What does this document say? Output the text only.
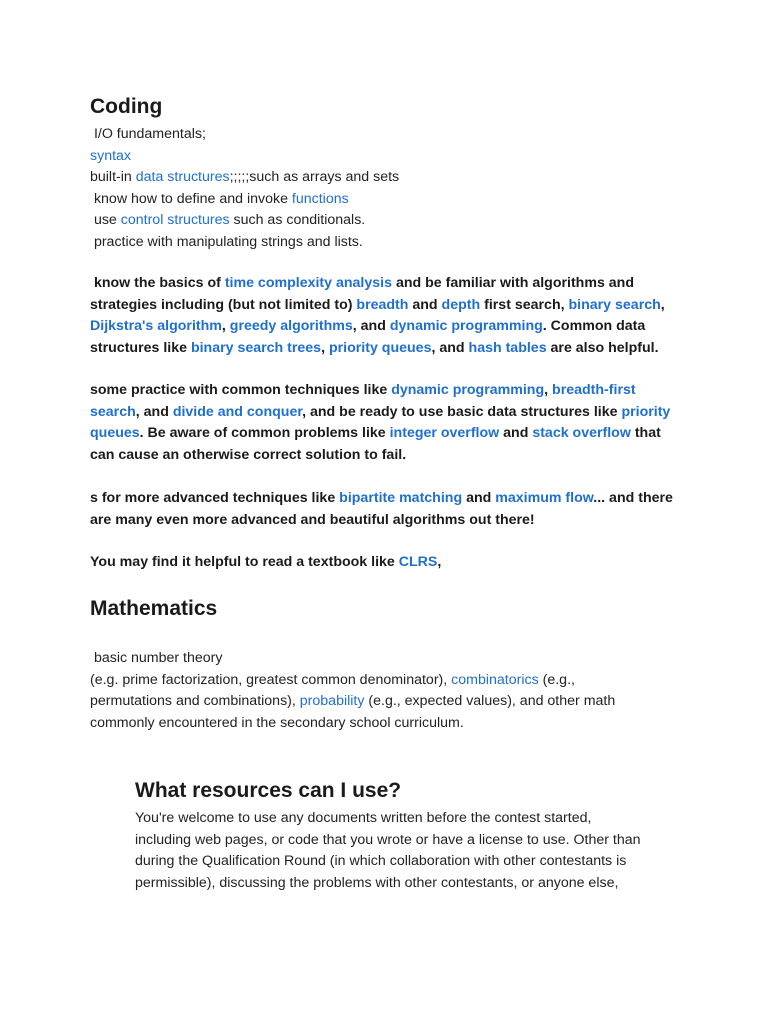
Coding
I/O fundamentals;
syntax
built-in data structures;;;;;such as arrays and sets
know how to define and invoke functions
use control structures such as conditionals.
practice with manipulating strings and lists.
know the basics of time complexity analysis and be familiar with algorithms and
strategies including (but not limited to) breadth and depth first search, binary search,
Dijkstra's algorithm, greedy algorithms, and dynamic programming. Common data
structures like binary search trees, priority queues, and hash tables are also helpful.
some practice with common techniques like dynamic programming, breadth-first
search, and divide and conquer, and be ready to use basic data structures like priority
queues. Be aware of common problems like integer overflow and stack overflow that
can cause an otherwise correct solution to fail.
s for more advanced techniques like bipartite matching and maximum flow... and there
are many even more advanced and beautiful algorithms out there!
You may find it helpful to read a textbook like CLRS,
Mathematics
basic number theory
(e.g. prime factorization, greatest common denominator), combinatorics (e.g.,
permutations and combinations), probability (e.g., expected values), and other math
commonly encountered in the secondary school curriculum.
What resources can I use?
You're welcome to use any documents written before the contest started,
including web pages, or code that you wrote or have a license to use. Other than
during the Qualification Round (in which collaboration with other contestants is
permissible), discussing the problems with other contestants, or anyone else,
